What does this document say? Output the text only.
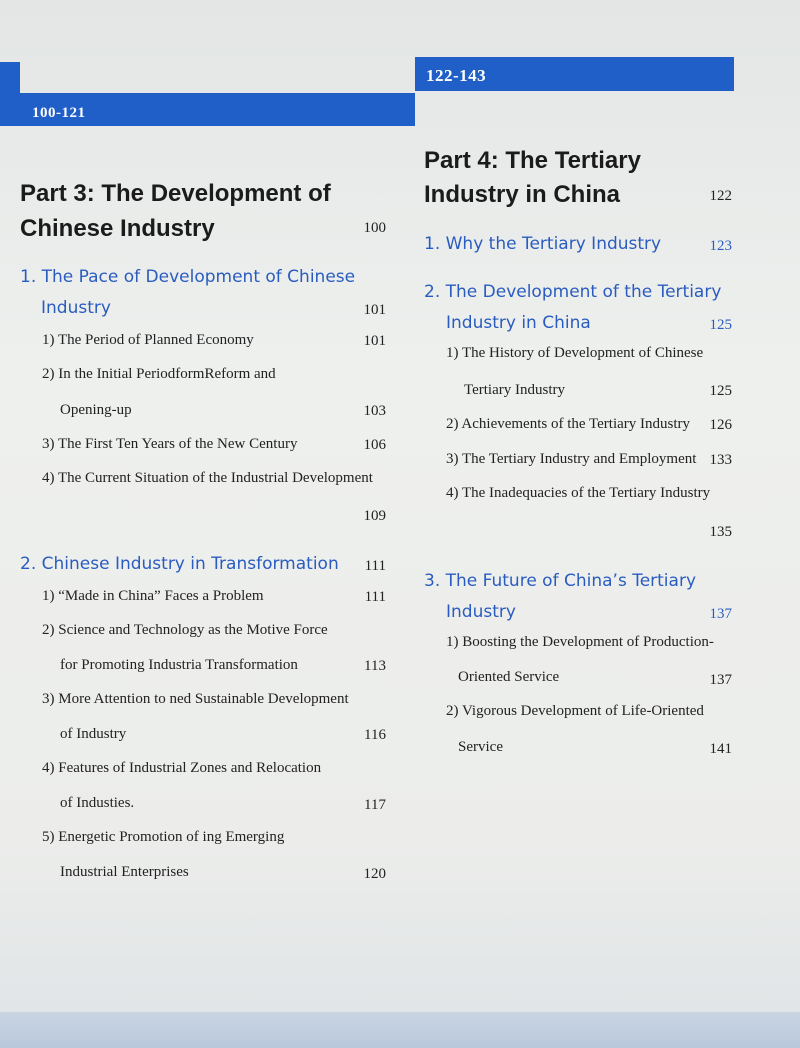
100-121
122-143
Part 3: The Development of
Chinese Industry	100
1. The Pace of Development of Chinese
Industry	101
1) The Period of Planned Economy	101
2) In the Initial PeriodformReform and
Opening-up	103
3) The First Ten Years of the New Century	106
4) The Current Situation of the Industrial Development
109
2. Chinese Industry in Transformation	111
1) “Made in China” Faces a Problem	111
2) Science and Technology as the Motive Force
for Promoting Industria Transformation	113
3) More Attention to ned Sustainable Development
of Industry	116
4) Features of Industrial Zones and Relocation
of Industies.	117
5) Energetic Promotion of ing Emerging
Industrial Enterprises	120
Part 4: The Tertiary
Industry in China	122
1. Why the Tertiary Industry	123
2. The Development of the Tertiary
Industry in China	125
1) The History of Development of Chinese
Tertiary Industry	125
2) Achievements of the Tertiary Industry	126
3) The Tertiary Industry and Employment 133
4) The Inadequacies of the Tertiary Industry
135
3. The Future of China’s Tertiary
Industry	137
1) Boosting the Development of Production-
Oriented Service	137
2) Vigorous Development of Life-Oriented
Service	141
